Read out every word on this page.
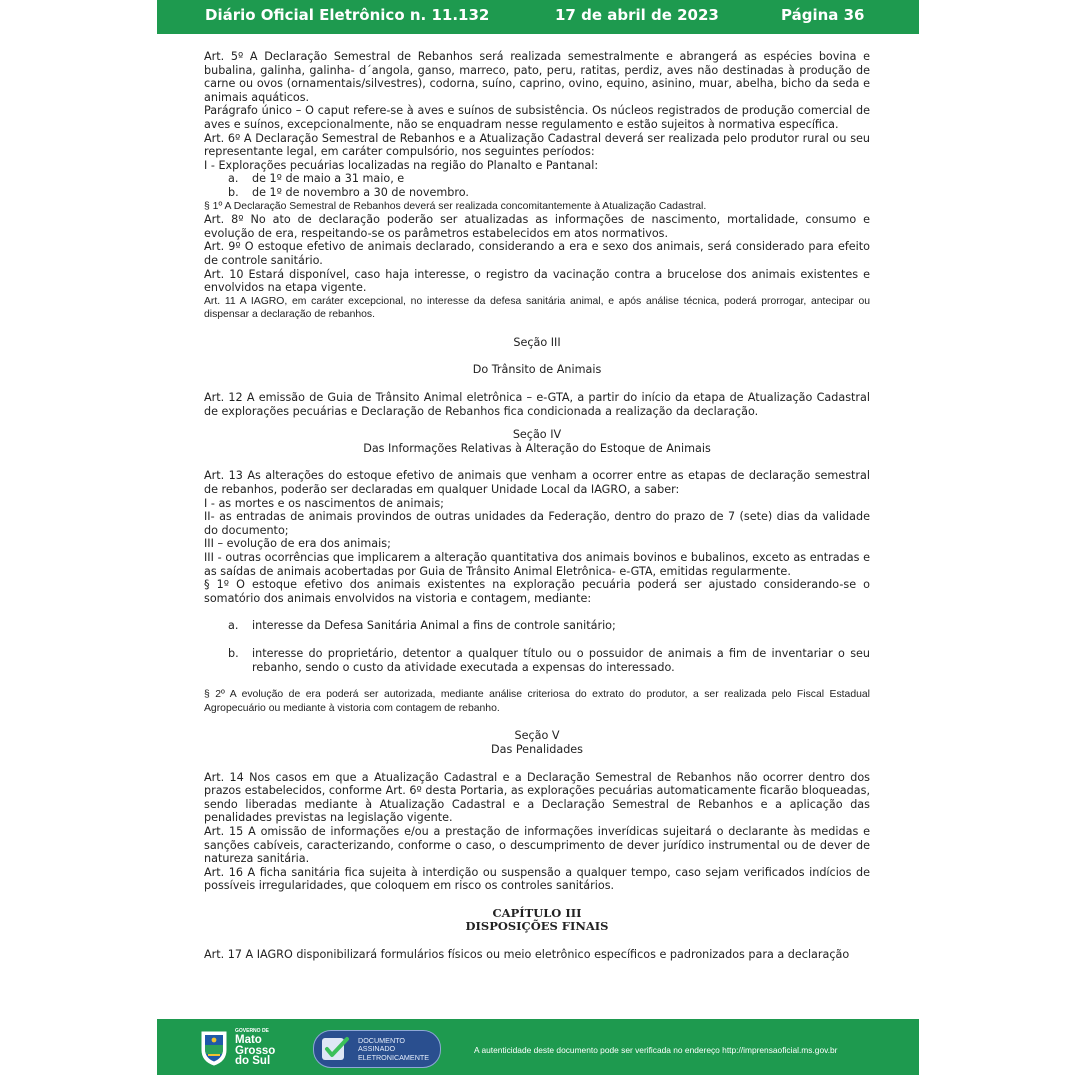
Diário Oficial Eletrônico n. 11.132	17 de abril de 2023	Página 36

Art. 5º A Declaração Semestral de Rebanhos será realizada semestralmente e abrangerá as espécies bovina e bubalina, galinha, galinha- d´angola, ganso, marreco, pato, peru, ratitas, perdiz, aves não destinadas à produção de carne ou ovos (ornamentais/silvestres), codorna, suíno, caprino, ovino, equino, asinino, muar, abelha, bicho da seda e animais aquáticos.

Parágrafo único – O caput refere-se à aves e suínos de subsistência. Os núcleos registrados de produção comercial de aves e suínos, excepcionalmente, não se enquadram nesse regulamento e estão sujeitos à normativa específica.

Art. 6º A Declaração Semestral de Rebanhos e a Atualização Cadastral deverá ser realizada pelo produtor rural ou seu representante legal, em caráter compulsório, nos seguintes períodos:

I - Explorações pecuárias localizadas na região do Planalto e Pantanal:

a. de 1º de maio a 31 maio, e

b. de 1º de novembro a 30 de novembro.

§ 1º A Declaração Semestral de Rebanhos deverá ser realizada concomitantemente à Atualização Cadastral.

Art. 8º No ato de declaração poderão ser atualizadas as informações de nascimento, mortalidade, consumo e evolução de era, respeitando-se os parâmetros estabelecidos em atos normativos.

Art. 9º O estoque efetivo de animais declarado, considerando a era e sexo dos animais, será considerado para efeito de controle sanitário.

Art. 10 Estará disponível, caso haja interesse, o registro da vacinação contra a brucelose dos animais existentes e envolvidos na etapa vigente.

Art. 11 A IAGRO, em caráter excepcional, no interesse da defesa sanitária animal, e após análise técnica, poderá prorrogar, antecipar ou dispensar a declaração de rebanhos.

Seção III

Do Trânsito de Animais

Art. 12 A emissão de Guia de Trânsito Animal eletrônica – e-GTA, a partir do início da etapa de Atualização Cadastral de explorações pecuárias e Declaração de Rebanhos fica condicionada a realização da declaração.

Seção IV

Das Informações Relativas à Alteração do Estoque de Animais

Art. 13 As alterações do estoque efetivo de animais que venham a ocorrer entre as etapas de declaração semestral de rebanhos, poderão ser declaradas em qualquer Unidade Local da IAGRO, a saber:

I - as mortes e os nascimentos de animais;

II- as entradas de animais provindos de outras unidades da Federação, dentro do prazo de 7 (sete) dias da validade do documento;

III – evolução de era dos animais;

III - outras ocorrências que implicarem a alteração quantitativa dos animais bovinos e bubalinos, exceto as entradas e as saídas de animais acobertadas por Guia de Trânsito Animal Eletrônica- e-GTA, emitidas regularmente.

§ 1º O estoque efetivo dos animais existentes na exploração pecuária poderá ser ajustado considerando-se o somatório dos animais envolvidos na vistoria e contagem, mediante:

a. interesse da Defesa Sanitária Animal a fins de controle sanitário;

b. interesse do proprietário, detentor a qualquer título ou o possuidor de animais a fim de inventariar o seu rebanho, sendo o custo da atividade executada a expensas do interessado.

§ 2º A evolução de era poderá ser autorizada, mediante análise criteriosa do extrato do produtor, a ser realizada pelo Fiscal Estadual Agropecuário ou mediante à vistoria com contagem de rebanho.

Seção V

Das Penalidades

Art. 14 Nos casos em que a Atualização Cadastral e a Declaração Semestral de Rebanhos não ocorrer dentro dos prazos estabelecidos, conforme Art. 6º desta Portaria, as explorações pecuárias automaticamente ficarão bloqueadas, sendo liberadas mediante à Atualização Cadastral e a Declaração Semestral de Rebanhos e a aplicação das penalidades previstas na legislação vigente.

Art. 15 A omissão de informações e/ou a prestação de informações inverídicas sujeitará o declarante às medidas e sanções cabíveis, caracterizando, conforme o caso, o descumprimento de dever jurídico instrumental ou de dever de natureza sanitária.

Art. 16 A ficha sanitária fica sujeita à interdição ou suspensão a qualquer tempo, caso sejam verificados indícios de possíveis irregularidades, que coloquem em risco os controles sanitários.

CAPÍTULO III

DISPOSIÇÕES FINAIS

Art. 17 A IAGRO disponibilizará formulários físicos ou meio eletrônico específicos e padronizados para a declaração

GOVERNO DE
Mato
Grosso
do Sul
DOCUMENTO
ASSINADO
ELETRONICAMENTE
A autenticidade deste documento pode ser verificada no endereço http://imprensaoficial.ms.gov.br
